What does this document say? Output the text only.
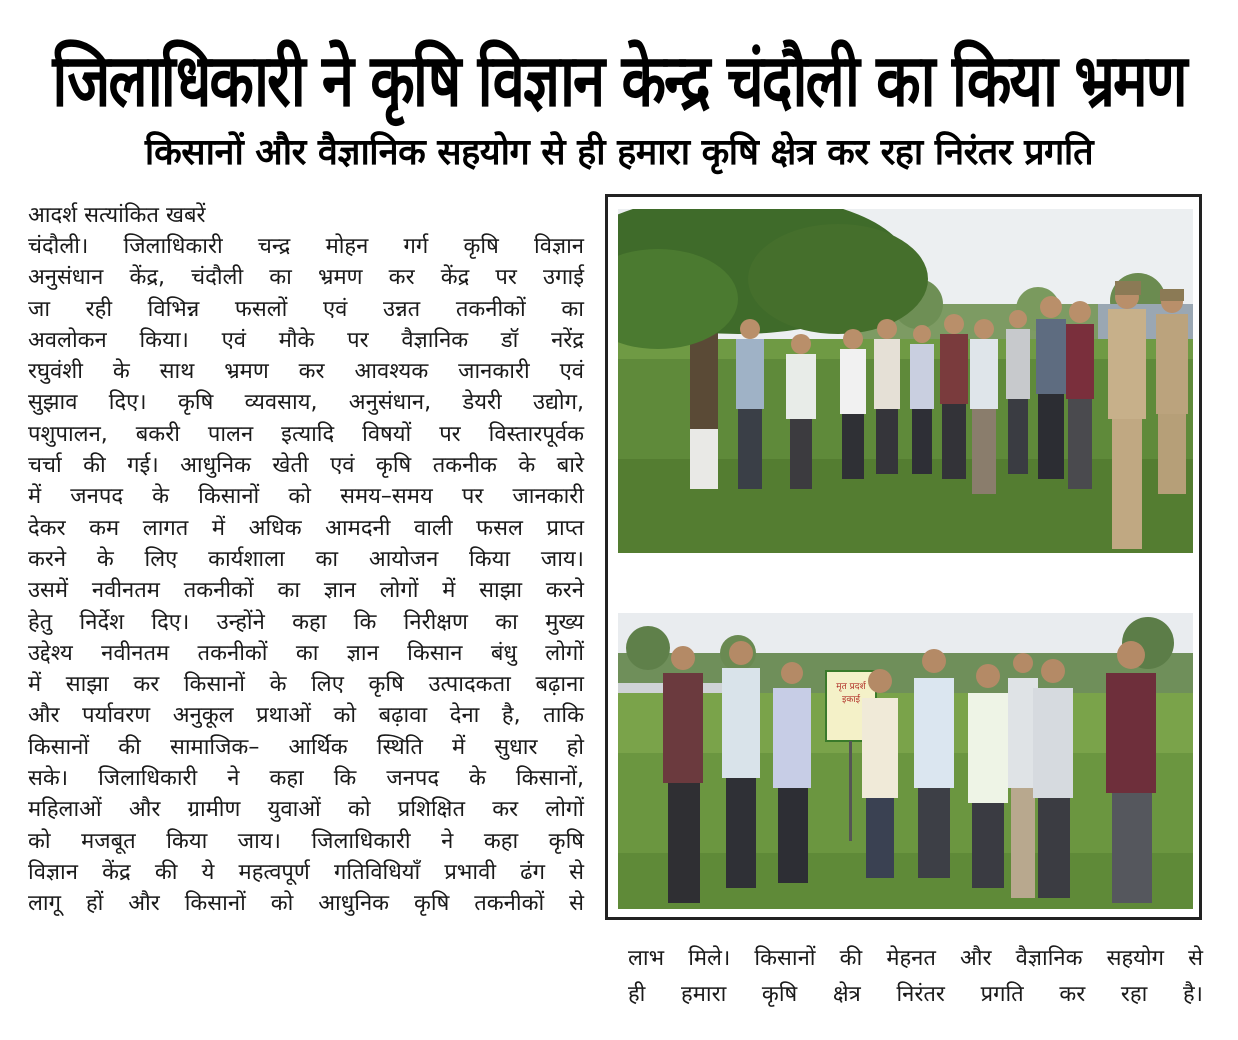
जिलाधिकारी ने कृषि विज्ञान केन्द्र चंदौली का किया भ्रमण
किसानों और वैज्ञानिक सहयोग से ही हमारा कृषि क्षेत्र कर रहा निरंतर प्रगति
आदर्श सत्यांकित खबरें
चंदौली। जिलाधिकारी चन्द्र मोहन गर्ग कृषि विज्ञान
अनुसंधान केंद्र, चंदौली का भ्रमण कर केंद्र पर उगाई
जा रही विभिन्न फसलों एवं उन्नत तकनीकों का
अवलोकन किया। एवं मौके पर वैज्ञानिक डॉ नरेंद्र
रघुवंशी के साथ भ्रमण कर आवश्यक जानकारी एवं
सुझाव दिए। कृषि व्यवसाय, अनुसंधान, डेयरी उद्योग,
पशुपालन, बकरी पालन इत्यादि विषयों पर विस्तारपूर्वक
चर्चा की गई। आधुनिक खेती एवं कृषि तकनीक के बारे
में जनपद के किसानों को समय–समय पर जानकारी
देकर कम लागत में अधिक आमदनी वाली फसल प्राप्त
करने के लिए कार्यशाला का आयोजन किया जाय।
उसमें नवीनतम तकनीकों का ज्ञान लोगों में साझा करने
हेतु निर्देश दिए। उन्होंने कहा कि निरीक्षण का मुख्य
उद्देश्य नवीनतम तकनीकों का ज्ञान किसान बंधु लोगों
में साझा कर किसानों के लिए कृषि उत्पादकता बढ़ाना
और पर्यावरण अनुकूल प्रथाओं को बढ़ावा देना है, ताकि
किसानों की सामाजिक– आर्थिक स्थिति में सुधार हो
सके। जिलाधिकारी ने कहा कि जनपद के किसानों,
महिलाओं और ग्रामीण युवाओं को प्रशिक्षित कर लोगों
को मजबूत किया जाय। जिलाधिकारी ने कहा कृषि
विज्ञान केंद्र की ये महत्वपूर्ण गतिविधियाँ प्रभावी ढंग से
लागू हों और किसानों को आधुनिक कृषि तकनीकों से
मृत प्रदर्श
इकाई
लाभ मिले। किसानों की मेहनत और वैज्ञानिक सहयोग से
ही हमारा कृषि क्षेत्र निरंतर प्रगति कर रहा है।
